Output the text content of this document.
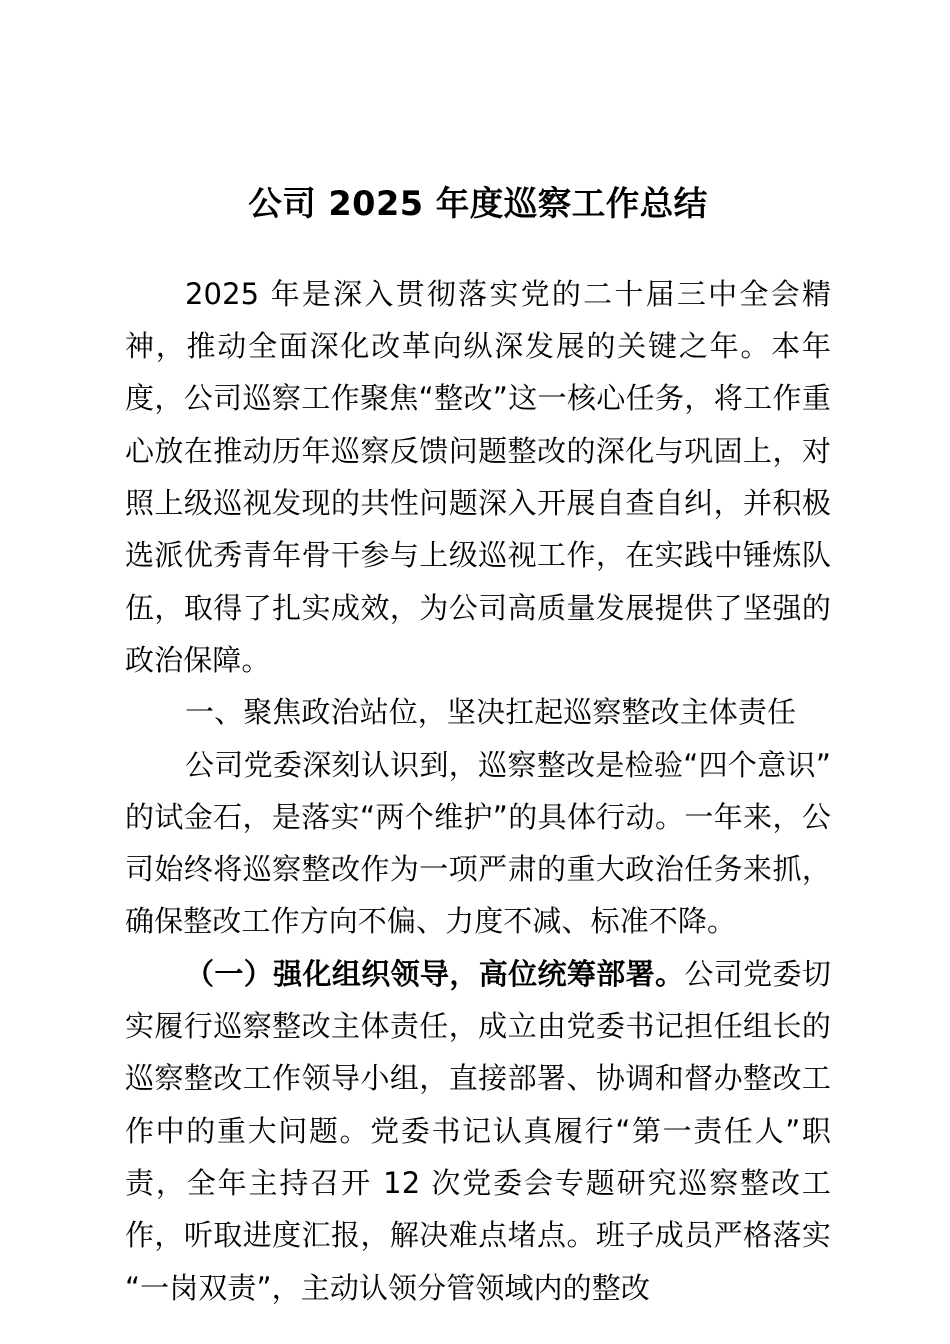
公司 2025 年度巡察工作总结

2025 年是深入贯彻落实党的二十届三中全会精神，推动全面深化改革向纵深发展的关键之年。本年度，公司巡察工作聚焦“整改”这一核心任务，将工作重心放在推动历年巡察反馈问题整改的深化与巩固上，对照上级巡视发现的共性问题深入开展自查自纠，并积极选派优秀青年骨干参与上级巡视工作，在实践中锤炼队伍，取得了扎实成效，为公司高质量发展提供了坚强的政治保障。

一、聚焦政治站位，坚决扛起巡察整改主体责任

公司党委深刻认识到，巡察整改是检验“四个意识”的试金石，是落实“两个维护”的具体行动。一年来，公司始终将巡察整改作为一项严肃的重大政治任务来抓，确保整改工作方向不偏、力度不减、标准不降。

（一）强化组织领导，高位统筹部署。公司党委切实履行巡察整改主体责任，成立由党委书记担任组长的巡察整改工作领导小组，直接部署、协调和督办整改工作中的重大问题。党委书记认真履行“第一责任人”职责，全年主持召开 12 次党委会专题研究巡察整改工作，听取进度汇报，解决难点堵点。班子成员严格落实“一岗双责”，主动认领分管领域内的整改
